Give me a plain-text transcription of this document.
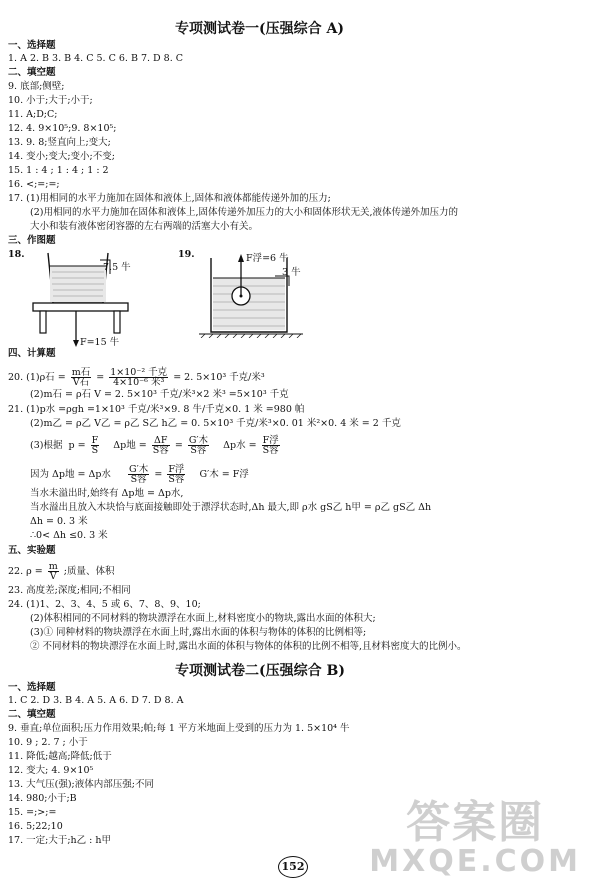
专项测试卷一(压强综合 A)
一、选择题
1. A 2. B 3. B 4. C 5. C 6. B 7. D 8. C
二、填空题
9. 底部;侧壁;
10. 小于;大于;小于;
11. A;D;C;
12. 4. 9×10⁵;9. 8×10⁵;
13. 9. 8;竖直向上;变大;
14. 变小;变大;变小;不变;
15. 1 : 4 ; 1 : 4 ; 1 : 2
16. <;=;=;
17. (1)用相同的水平力施加在固体和液体上,固体和液体都能传递外加的压力;
(2)用相同的水平力施加在固体和液体上,固体传递外加压力的大小和固体形状无关,液体传递外加压力的
大小和装有液体密闭容器的左右两端的活塞大小有关。
三、作图题
18.
7.5 牛
F=15 牛
19.	F浮=6 牛
3 牛
四、计算题
20. (1)ρ石 = $\frac{\text{m石}}{\text{V石}} = \frac{\text{1×10⁻² 千克}}{\text{4×10⁻⁶ 米³}} = 2$. 5×10³ 千克/米³
(2)m石 = ρ石 V = 2. 5×10³ 千克/米³×2 米³ =5×10³ 千克
21. (1)p水 =ρgh =1×10³ 千克/米³×9. 8 牛/千克×0. 1 米 =980 帕
(2)m乙 = ρ乙 V乙 = ρ乙 S乙 h乙 = 0. 5×10³ 千克/米³×0. 01 米²×0. 4 米 = 2 千克
(3)根据  $p = \frac{F}{S}$ Δp地 = $\frac{\Delta F}{\text{S容}} = \frac{\text{G′木}}{\text{S容}}$ Δp水 = $\frac{\text{F浮}}{\text{S容}}$
因为 Δp地 = Δp水 $\frac{\text{G′木}}{\text{S容}} = \frac{\text{F浮}}{\text{S容}} G'$木 = F浮
当水未溢出时,始终有 Δp地 = Δp水,
当水溢出且放入木块恰与底面接触即处于漂浮状态时,Δh 最大,即 ρ水 gS乙 h甲 = ρ乙 gS乙 Δh
Δh = 0. 3 米
∴0< Δh ≤0. 3 米
五、实验题
22. $\rho = \frac{m}{V}$ ;质量、体积
23. 高度差;深度;相同;不相同
24. (1)1、2、3、4、5 或 6、7、8、9、10;
(2)体积相同的不同材料的物块漂浮在水面上,材料密度小的物块,露出水面的体积大;
(3)① 同种材料的物块漂浮在水面上时,露出水面的体积与物体的体积的比例相等;
② 不同材料的物块漂浮在水面上时,露出水面的体积与物体的体积的比例不相等,且材料密度大的比例小。
专项测试卷二(压强综合 B)
一、选择题
1. C 2. D 3. B 4. A 5. A 6. D 7. D 8. A
二、填空题
9. 垂直;单位面积;压力作用效果;帕;每 1 平方米地面上受到的压力为 1. 5×10⁴ 牛
10. 9 ; 2. 7 ; 小于
11. 降低;越高;降低;低于
12. 变大; 4. 9×10⁵
13. 大气压(强);液体内部压强;不同
14. 980;小于;B
15. =;>;=
16. 5;22;10
17. 一定;大于;h乙 : h甲
152
答案圈
MXQE.COM
